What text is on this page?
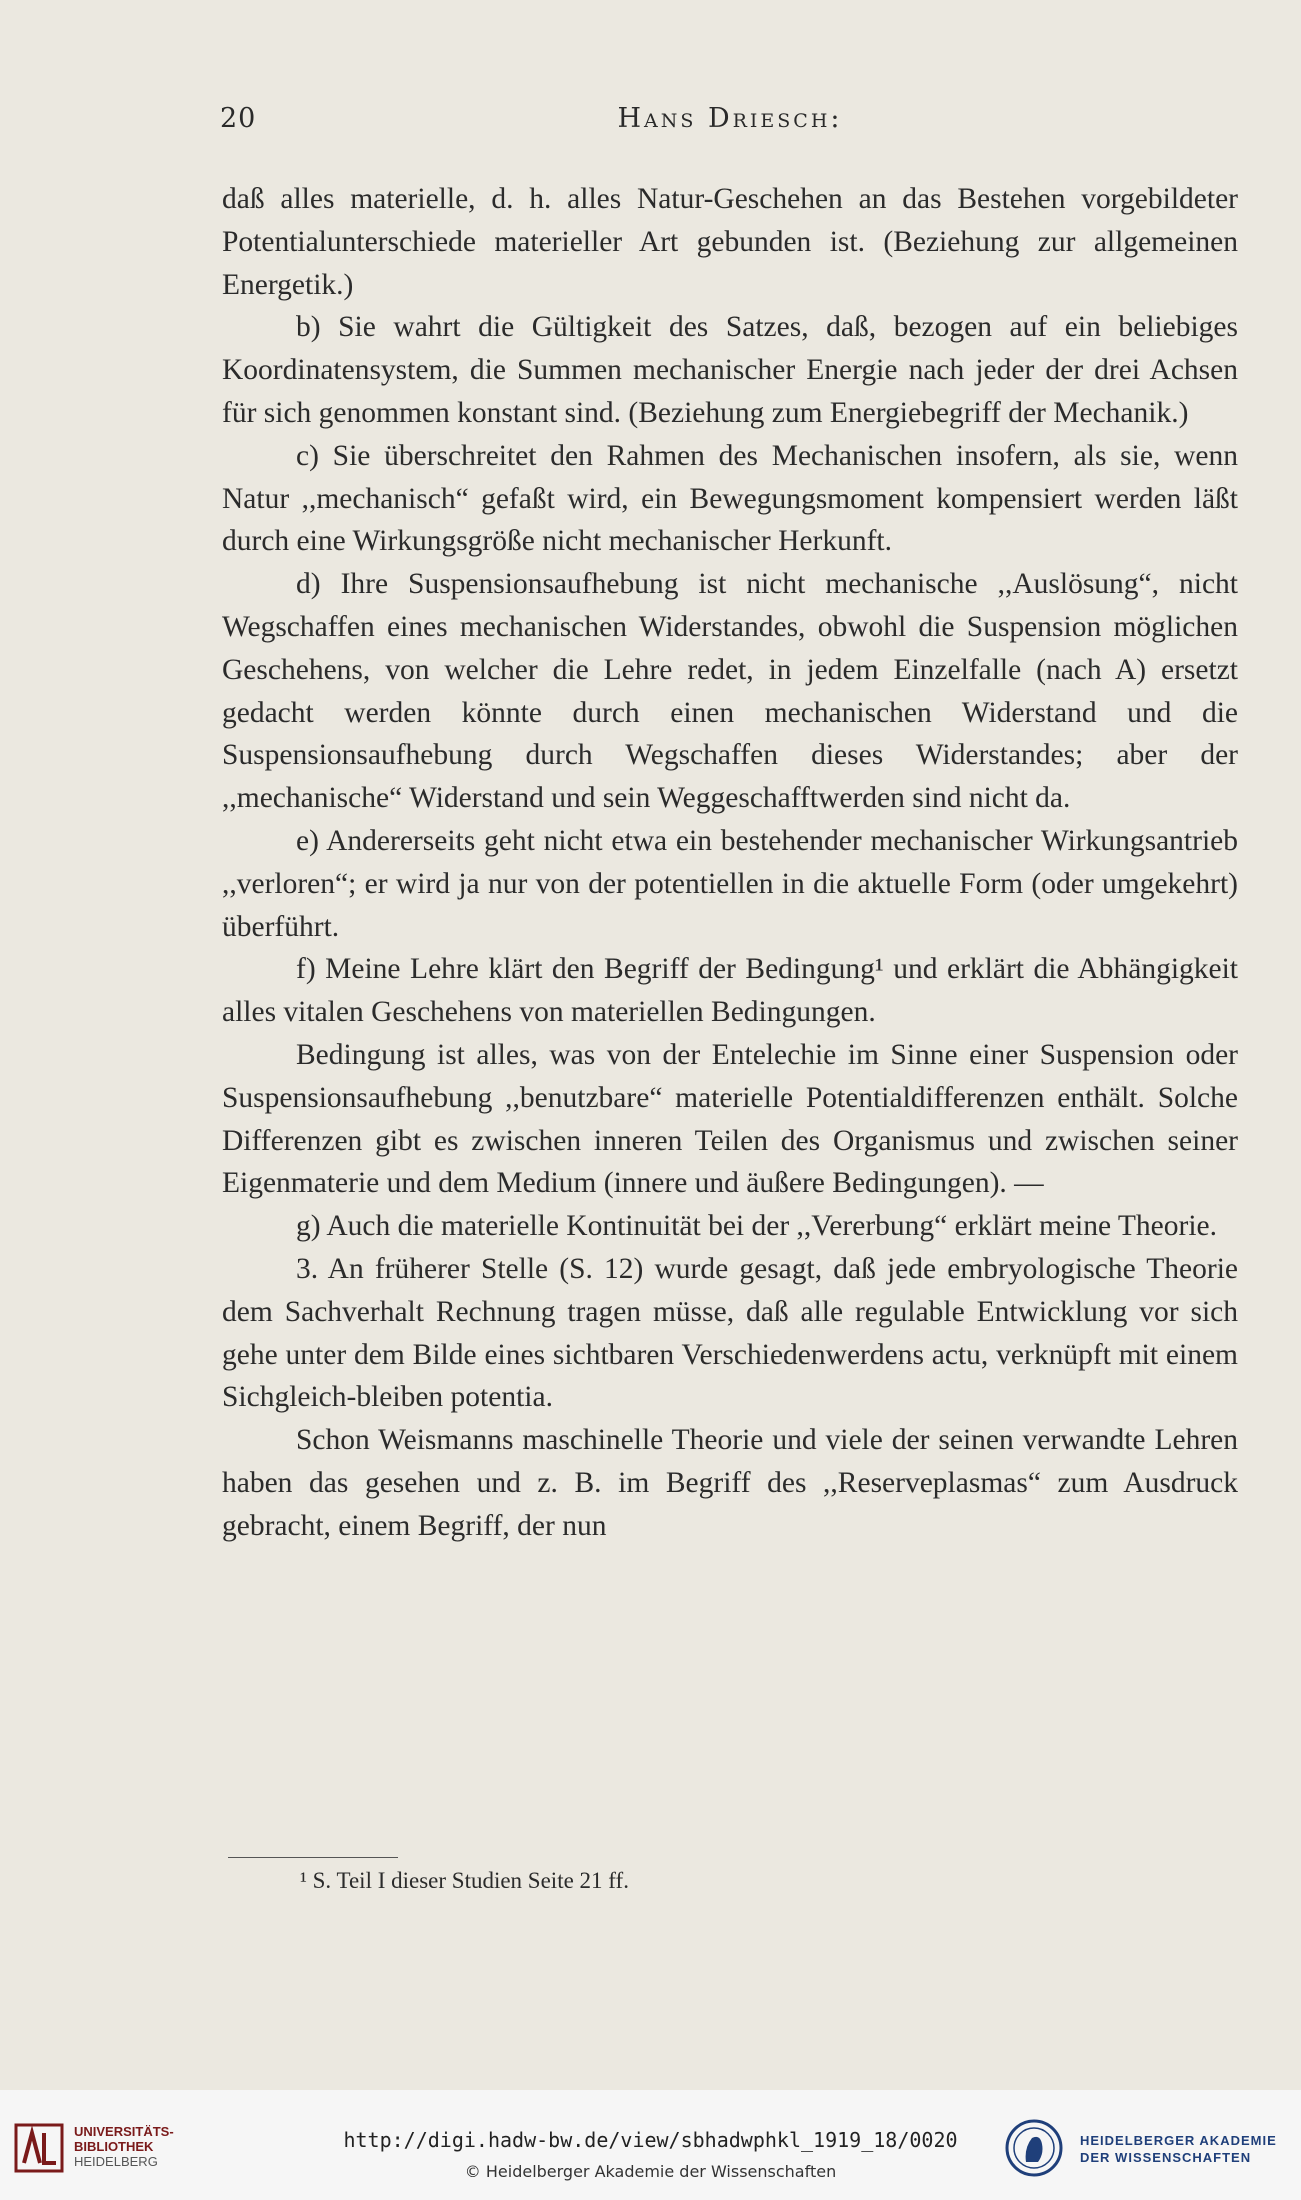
20	Hans Driesch:

daß alles materielle, d. h. alles Natur-Geschehen an das Bestehen vorgebildeter Potentialunterschiede materieller Art gebunden ist. (Beziehung zur allgemeinen Energetik.)

b) Sie wahrt die Gültigkeit des Satzes, daß, bezogen auf ein beliebiges Koordinatensystem, die Summen mechanischer Energie nach jeder der drei Achsen für sich genommen konstant sind. (Beziehung zum Energiebegriff der Mechanik.)

c) Sie überschreitet den Rahmen des Mechanischen insofern, als sie, wenn Natur ,,mechanisch“ gefaßt wird, ein Bewegungsmoment kompensiert werden läßt durch eine Wirkungsgröße nicht mechanischer Herkunft.

d) Ihre Suspensionsaufhebung ist nicht mechanische ,,Auslösung“, nicht Wegschaffen eines mechanischen Widerstandes, obwohl die Suspension möglichen Geschehens, von welcher die Lehre redet, in jedem Einzelfalle (nach A) ersetzt gedacht werden könnte durch einen mechanischen Widerstand und die Suspensionsaufhebung durch Wegschaffen dieses Widerstandes; aber der ,,mechanische“ Widerstand und sein Weggeschafftwerden sind nicht da.

e) Andererseits geht nicht etwa ein bestehender mechanischer Wirkungsantrieb ,,verloren“; er wird ja nur von der potentiellen in die aktuelle Form (oder umgekehrt) überführt.

f) Meine Lehre klärt den Begriff der Bedingung¹ und erklärt die Abhängigkeit alles vitalen Geschehens von materiellen Bedingungen.

Bedingung ist alles, was von der Entelechie im Sinne einer Suspension oder Suspensionsaufhebung ,,benutzbare“ materielle Potentialdifferenzen enthält. Solche Differenzen gibt es zwischen inneren Teilen des Organismus und zwischen seiner Eigenmaterie und dem Medium (innere und äußere Bedingungen). —

g) Auch die materielle Kontinuität bei der ,,Vererbung“ erklärt meine Theorie.

3. An früherer Stelle (S. 12) wurde gesagt, daß jede embryologische Theorie dem Sachverhalt Rechnung tragen müsse, daß alle regulable Entwicklung vor sich gehe unter dem Bilde eines sichtbaren Verschiedenwerdens actu, verknüpft mit einem Sichgleich-bleiben potentia.

Schon Weismanns maschinelle Theorie und viele der seinen verwandte Lehren haben das gesehen und z. B. im Begriff des ,,Reserveplasmas“ zum Ausdruck gebracht, einem Begriff, der nun

¹ S. Teil I dieser Studien Seite 21 ff.
UNIVERSITÄTS-
BIBLIOTHEK
HEIDELBERG
http://digi.hadw-bw.de/view/sbhadwphkl_1919_18/0020
© Heidelberger Akademie der Wissenschaften
HEIDELBERGER AKADEMIE
DER WISSENSCHAFTEN
